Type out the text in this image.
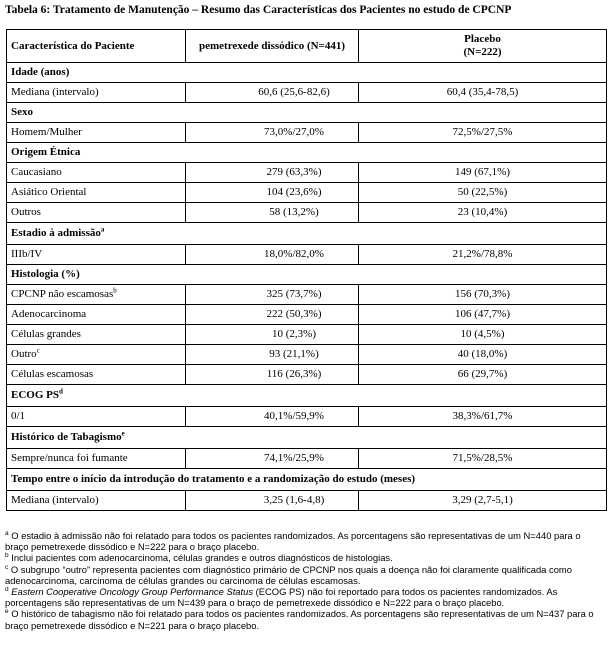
Tabela 6: Tratamento de Manutenção – Resumo das Características dos Pacientes no estudo de CPCNP
Característica do Paciente	pemetrexede dissódico (N=441)	Placebo
(N=222)
Idade (anos)		
Mediana (intervalo)	60,6 (25,6-82,6)	60,4 (35,4-78,5)
Sexo		
Homem/Mulher	73,0%/27,0%	72,5%/27,5%
Origem Étnica		
Caucasiano	279 (63,3%)	149 (67,1%)
Asiático Oriental	104 (23,6%)	50 (22,5%)
Outros	58 (13,2%)	23 (10,4%)
Estadio à admissão$^a$
IIIb/IV	18,0%/82,0%	21,2%/78,8%
Histologia (%)		
CPCNP não escamosas$^b$	325 (73,7%)	156 (70,3%)
Adenocarcinoma	222 (50,3%)	106 (47,7%)
Células grandes	10 (2,3%)	10 (4,5%)
Outro$^c$	93 (21,1%)	40 (18,0%)
Células escamosas	116 (26,3%)	66 (29,7%)
ECOG $PS^d$
0/1	40,1%/59,9%	38,3%/61,7%
Histórico de Tabagismo$^e$
Sempre/nunca foi fumante	74,1%/25,9%	71,5%/28,5%
Tempo entre o início da introdução do tratamento e a randomização do estudo (meses)		
Mediana (intervalo)	3,25 (1,6-4,8)	3,29 (2,7-5,1)

$^a$ O estadio à admissão não foi relatado para todos os pacientes randomizados. As porcentagens são representativas de um N=440 para o braço pemetrexede dissódico e N=222 para o braço placebo.

$^b$ Inclui pacientes com adenocarcinoma, células grandes e outros diagnósticos de histologias.

$^c$ O subgrupo “outro” representa pacientes com diagnóstico primário de CPCNP nos quais a doença não foi claramente qualificada como adenocarcinoma, carcinoma de células grandes ou carcinoma de células escamosas.

$^d$ Eastern Cooperative Oncology Group Performance Status (ECOG PS) não foi reportado para todos os pacientes randomizados. As porcentagens são representativas de um N=439 para o braço de pemetrexede dissódico e N=222 para o braço placebo.

$^e$ O histórico de tabagismo não foi relatado para todos os pacientes randomizados. As porcentagens são representativas de um N=437 para o braço pemetrexede dissódico e N=221 para o braço placebo.
